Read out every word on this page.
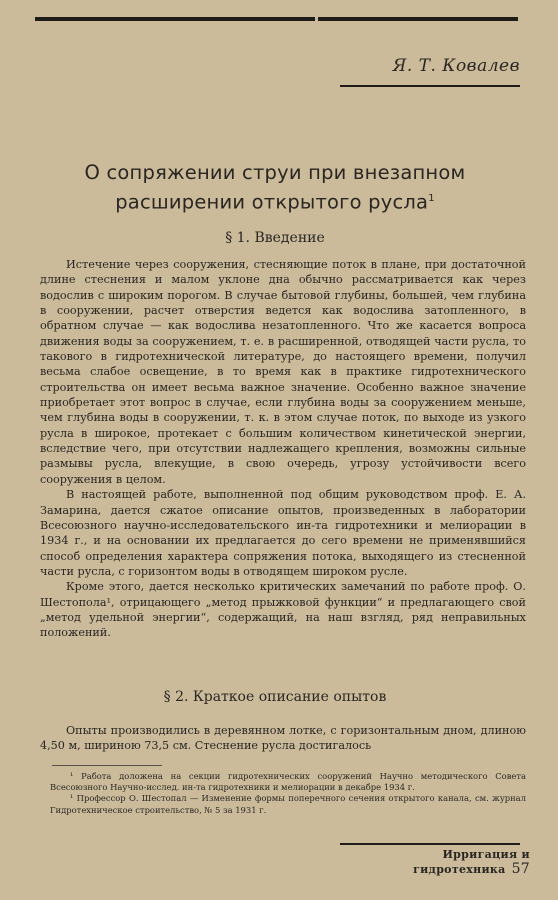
Я. Т. Ковалев
О сопряжении струи при внезапном расширении открытого русла$^1$
§ 1. Введение

Истечение через сооружения, стесняющие поток в плане, при достаточной длине стеснения и малом уклоне дна обычно рассматривается как через водослив с широким порогом. В случае бытовой глубины, большей, чем глубина в сооружении, расчет отверстия ведется как водослива затопленного, в обратном случае — как водослива незатопленного. Что же касается вопроса движения воды за сооружением, т. е. в расширенной, отводящей части русла, то такового в гидротехнической литературе, до настоящего времени, получил весьма слабое освещение, в то время как в практике гидротехнического строительства он имеет весьма важное значение. Особенно важное значение приобретает этот вопрос в случае, если глубина воды за сооружением меньше, чем глубина воды в сооружении, т. к. в этом случае поток, по выходе из узкого русла в широкое, протекает с большим количеством кинетической энергии, вследствие чего, при отсутствии надлежащего крепления, возможны сильные размывы русла, влекущие, в свою очередь, угрозу устойчивости всего сооружения в целом.

В настоящей работе, выполненной под общим руководством проф. Е. А. Замарина, дается сжатое описание опытов, произведенных в лаборатории Всесоюзного научно-исследовательского ин-та гидротехники и мелиорации в 1934 г., и на основании их предлагается до сего времени не применявшийся способ определения характера сопряжения потока, выходящего из стесненной части русла, с горизонтом воды в отводящем широком русле.

Кроме этого, дается несколько критических замечаний по работе проф. О. Шестопола¹, отрицающего „метод прыжковой функции“ и предлагающего свой „метод удельной энергии“, содержащий, на наш взгляд, ряд неправильных положений.

§ 2. Краткое описание опытов

Опыты производились в деревянном лотке, с горизонтальным дном, длиною 4,50 м, шириною 73,5 см. Стеснение русла достигалось

¹ Работа доложена на секции гидротехнических сооружений Научно методического Совета Всесоюзного Научно-исслед. ин-та гидротехники и мелиорации в декабре 1934 г.

¹ Профессор О. Шестопал — Изменение формы поперечного сечения открытого канала, см. журнал Гидротехническое строительство, № 5 за 1931 г.

Ирригация и гидротехника 57
